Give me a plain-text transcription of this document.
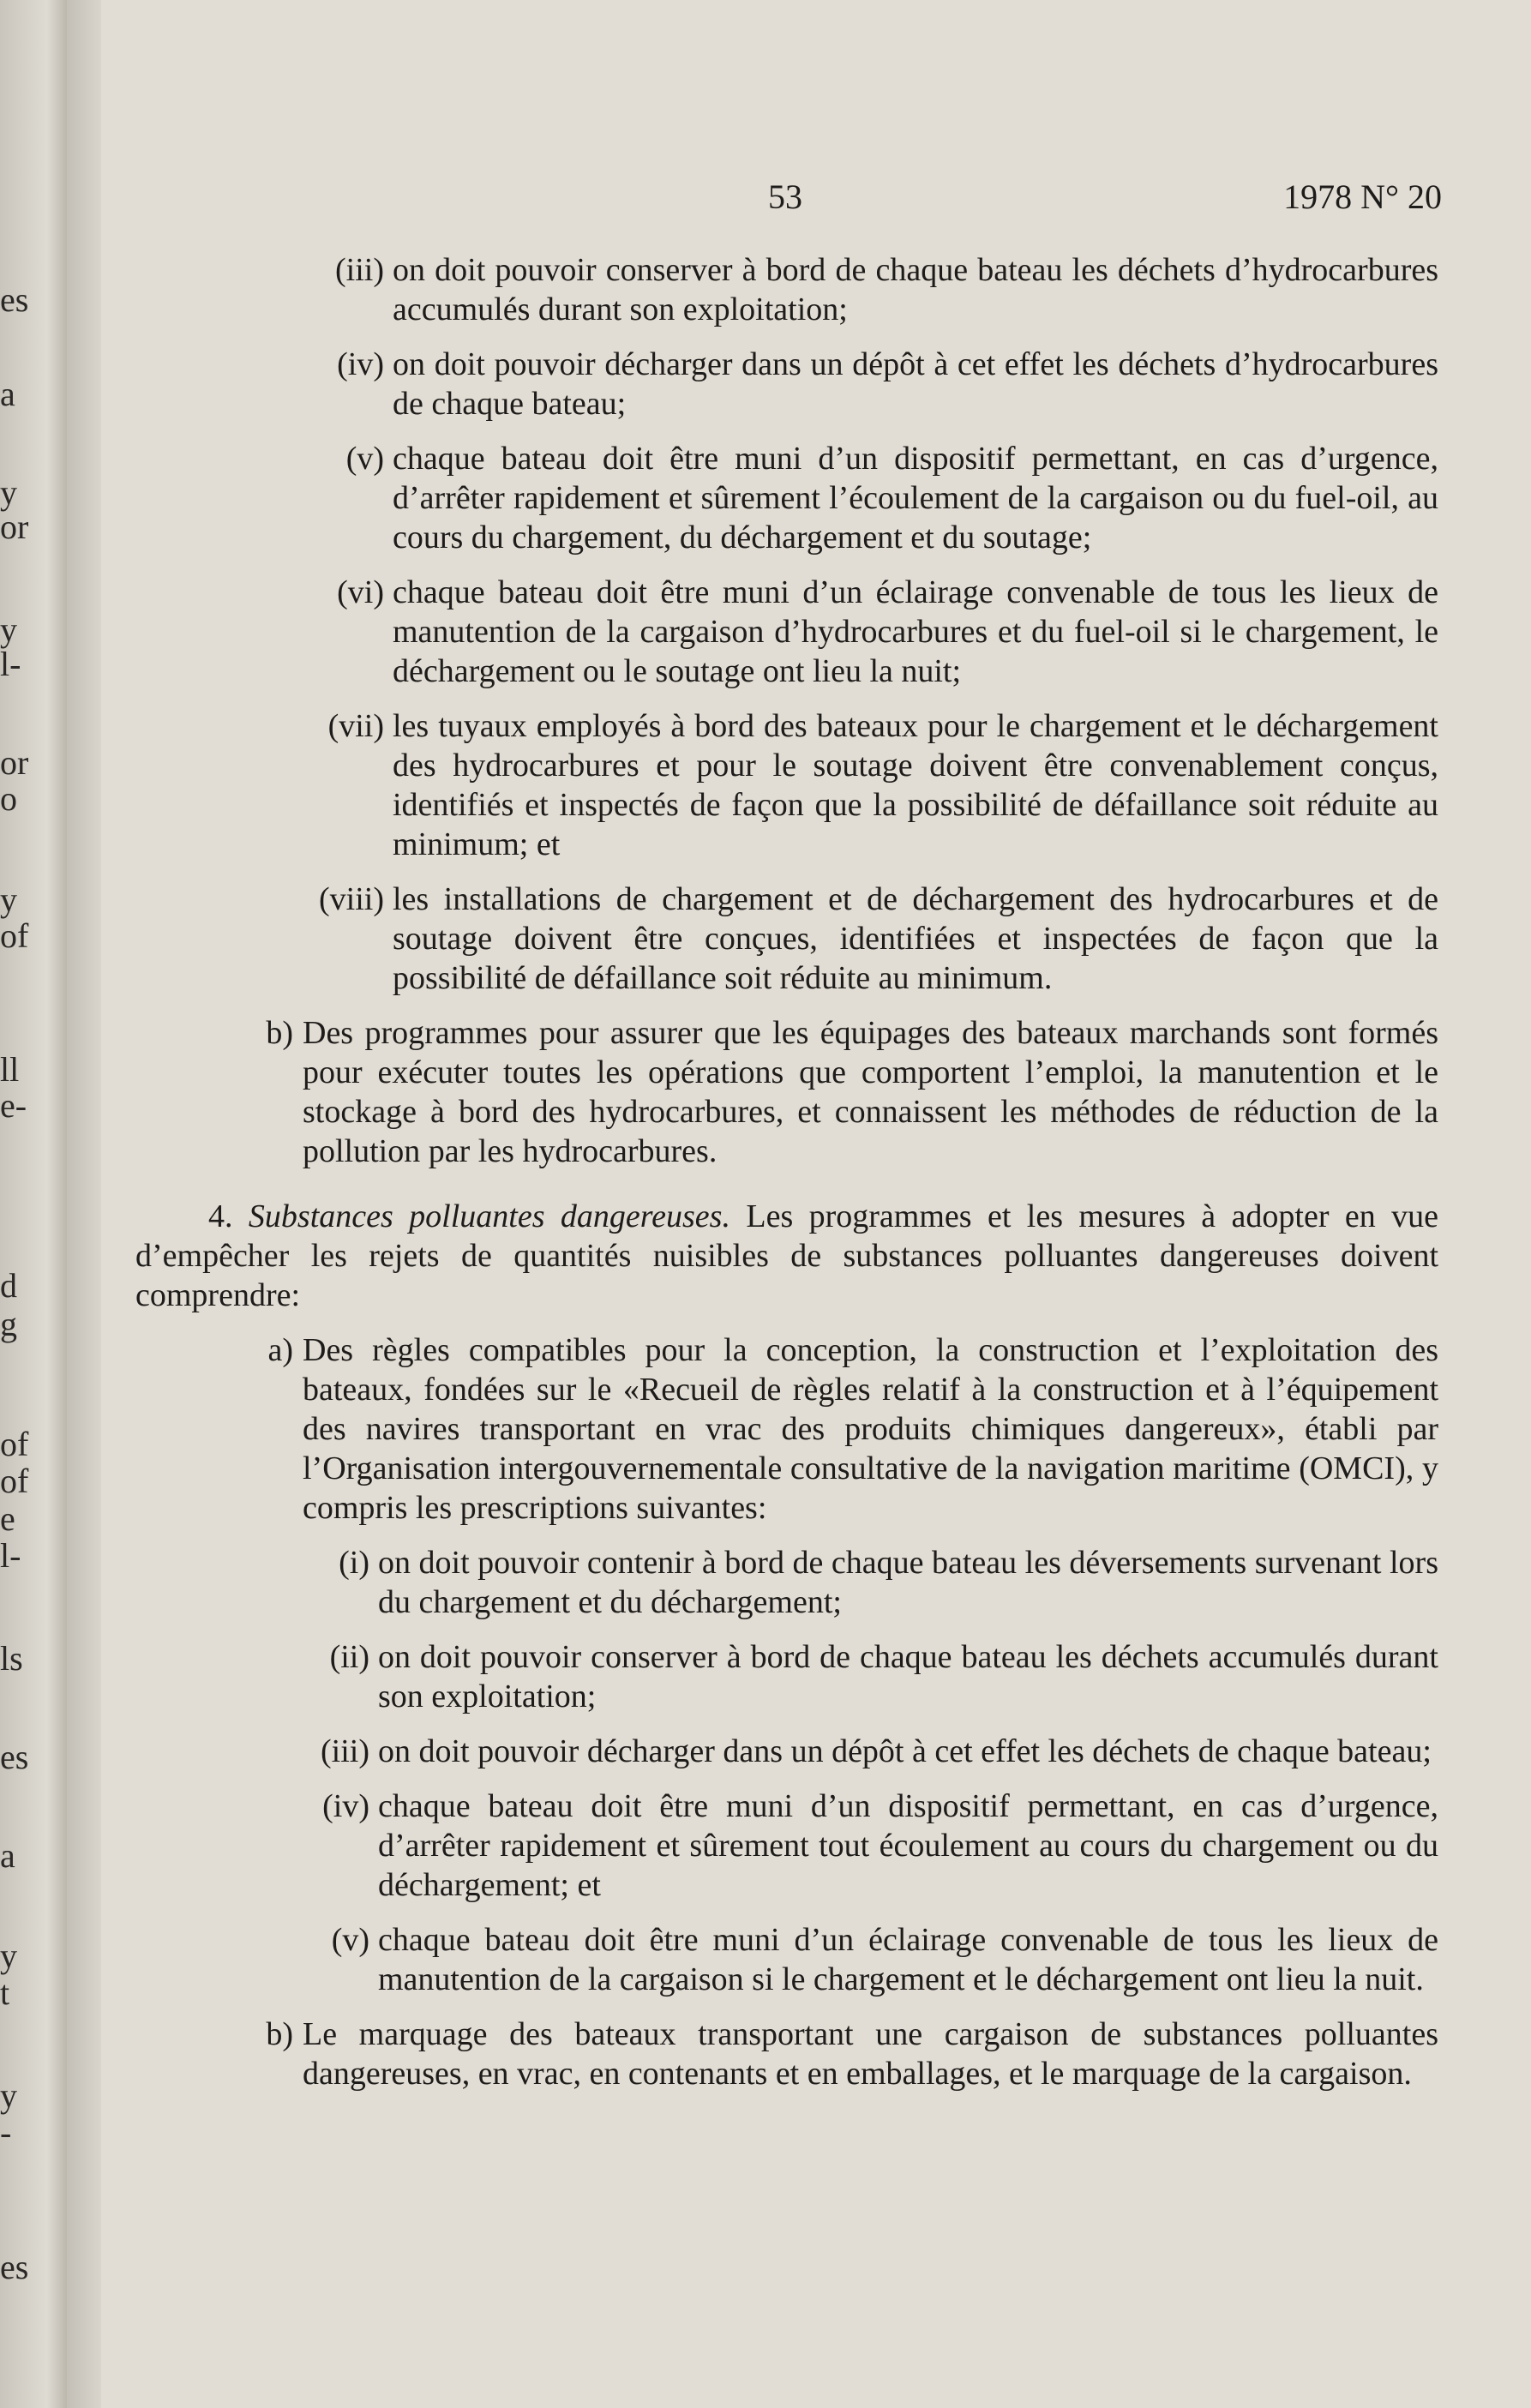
es
a
y
or
y
l-
or
o
y
of
ll
e-
d
g
of
of
e
l-
ls
es
a
y
t
y
-
es
53	1978 N° 20
(iii) on doit pouvoir conserver à bord de chaque bateau les déchets d’hydrocarbures accumulés durant son exploitation;
(iv) on doit pouvoir décharger dans un dépôt à cet effet les déchets d’hydrocarbures de chaque bateau;
(v) chaque bateau doit être muni d’un dispositif permettant, en cas d’urgence, d’arrêter rapidement et sûrement l’écoulement de la cargaison ou du fuel-oil, au cours du chargement, du déchargement et du soutage;
(vi) chaque bateau doit être muni d’un éclairage convenable de tous les lieux de manutention de la cargaison d’hydrocarbures et du fuel-oil si le chargement, le déchargement ou le soutage ont lieu la nuit;
(vii) les tuyaux employés à bord des bateaux pour le chargement et le déchargement des hydrocarbures et pour le soutage doivent être convenablement conçus, identifiés et inspectés de façon que la possibilité de défaillance soit réduite au minimum; et
(viii) les installations de chargement et de déchargement des hydrocarbures et de soutage doivent être conçues, identifiées et inspectées de façon que la possibilité de défaillance soit réduite au minimum.
b) Des programmes pour assurer que les équipages des bateaux marchands sont formés pour exécuter toutes les opérations que comportent l’emploi, la manutention et le stockage à bord des hydrocarbures, et connaissent les méthodes de réduction de la pollution par les hydrocarbures.

4. Substances polluantes dangereuses. Les programmes et les mesures à adopter en vue d’empêcher les rejets de quantités nuisibles de substances polluantes dangereuses doivent comprendre:

a) Des règles compatibles pour la conception, la construction et l’exploitation des bateaux, fondées sur le «Recueil de règles relatif à la construction et à l’équipement des navires transportant en vrac des produits chimiques dangereux», établi par l’Organisation intergouvernementale consultative de la navigation maritime (OMCI), y compris les prescriptions suivantes:
(i) on doit pouvoir contenir à bord de chaque bateau les déversements survenant lors du chargement et du déchargement;
(ii) on doit pouvoir conserver à bord de chaque bateau les déchets accumulés durant son exploitation;
(iii) on doit pouvoir décharger dans un dépôt à cet effet les déchets de chaque bateau;
(iv) chaque bateau doit être muni d’un dispositif permettant, en cas d’urgence, d’arrêter rapidement et sûrement tout écoulement au cours du chargement ou du déchargement; et
(v) chaque bateau doit être muni d’un éclairage convenable de tous les lieux de manutention de la cargaison si le chargement et le déchargement ont lieu la nuit.
b) Le marquage des bateaux transportant une cargaison de substances polluantes dangereuses, en vrac, en contenants et en emballages, et le marquage de la cargaison.
